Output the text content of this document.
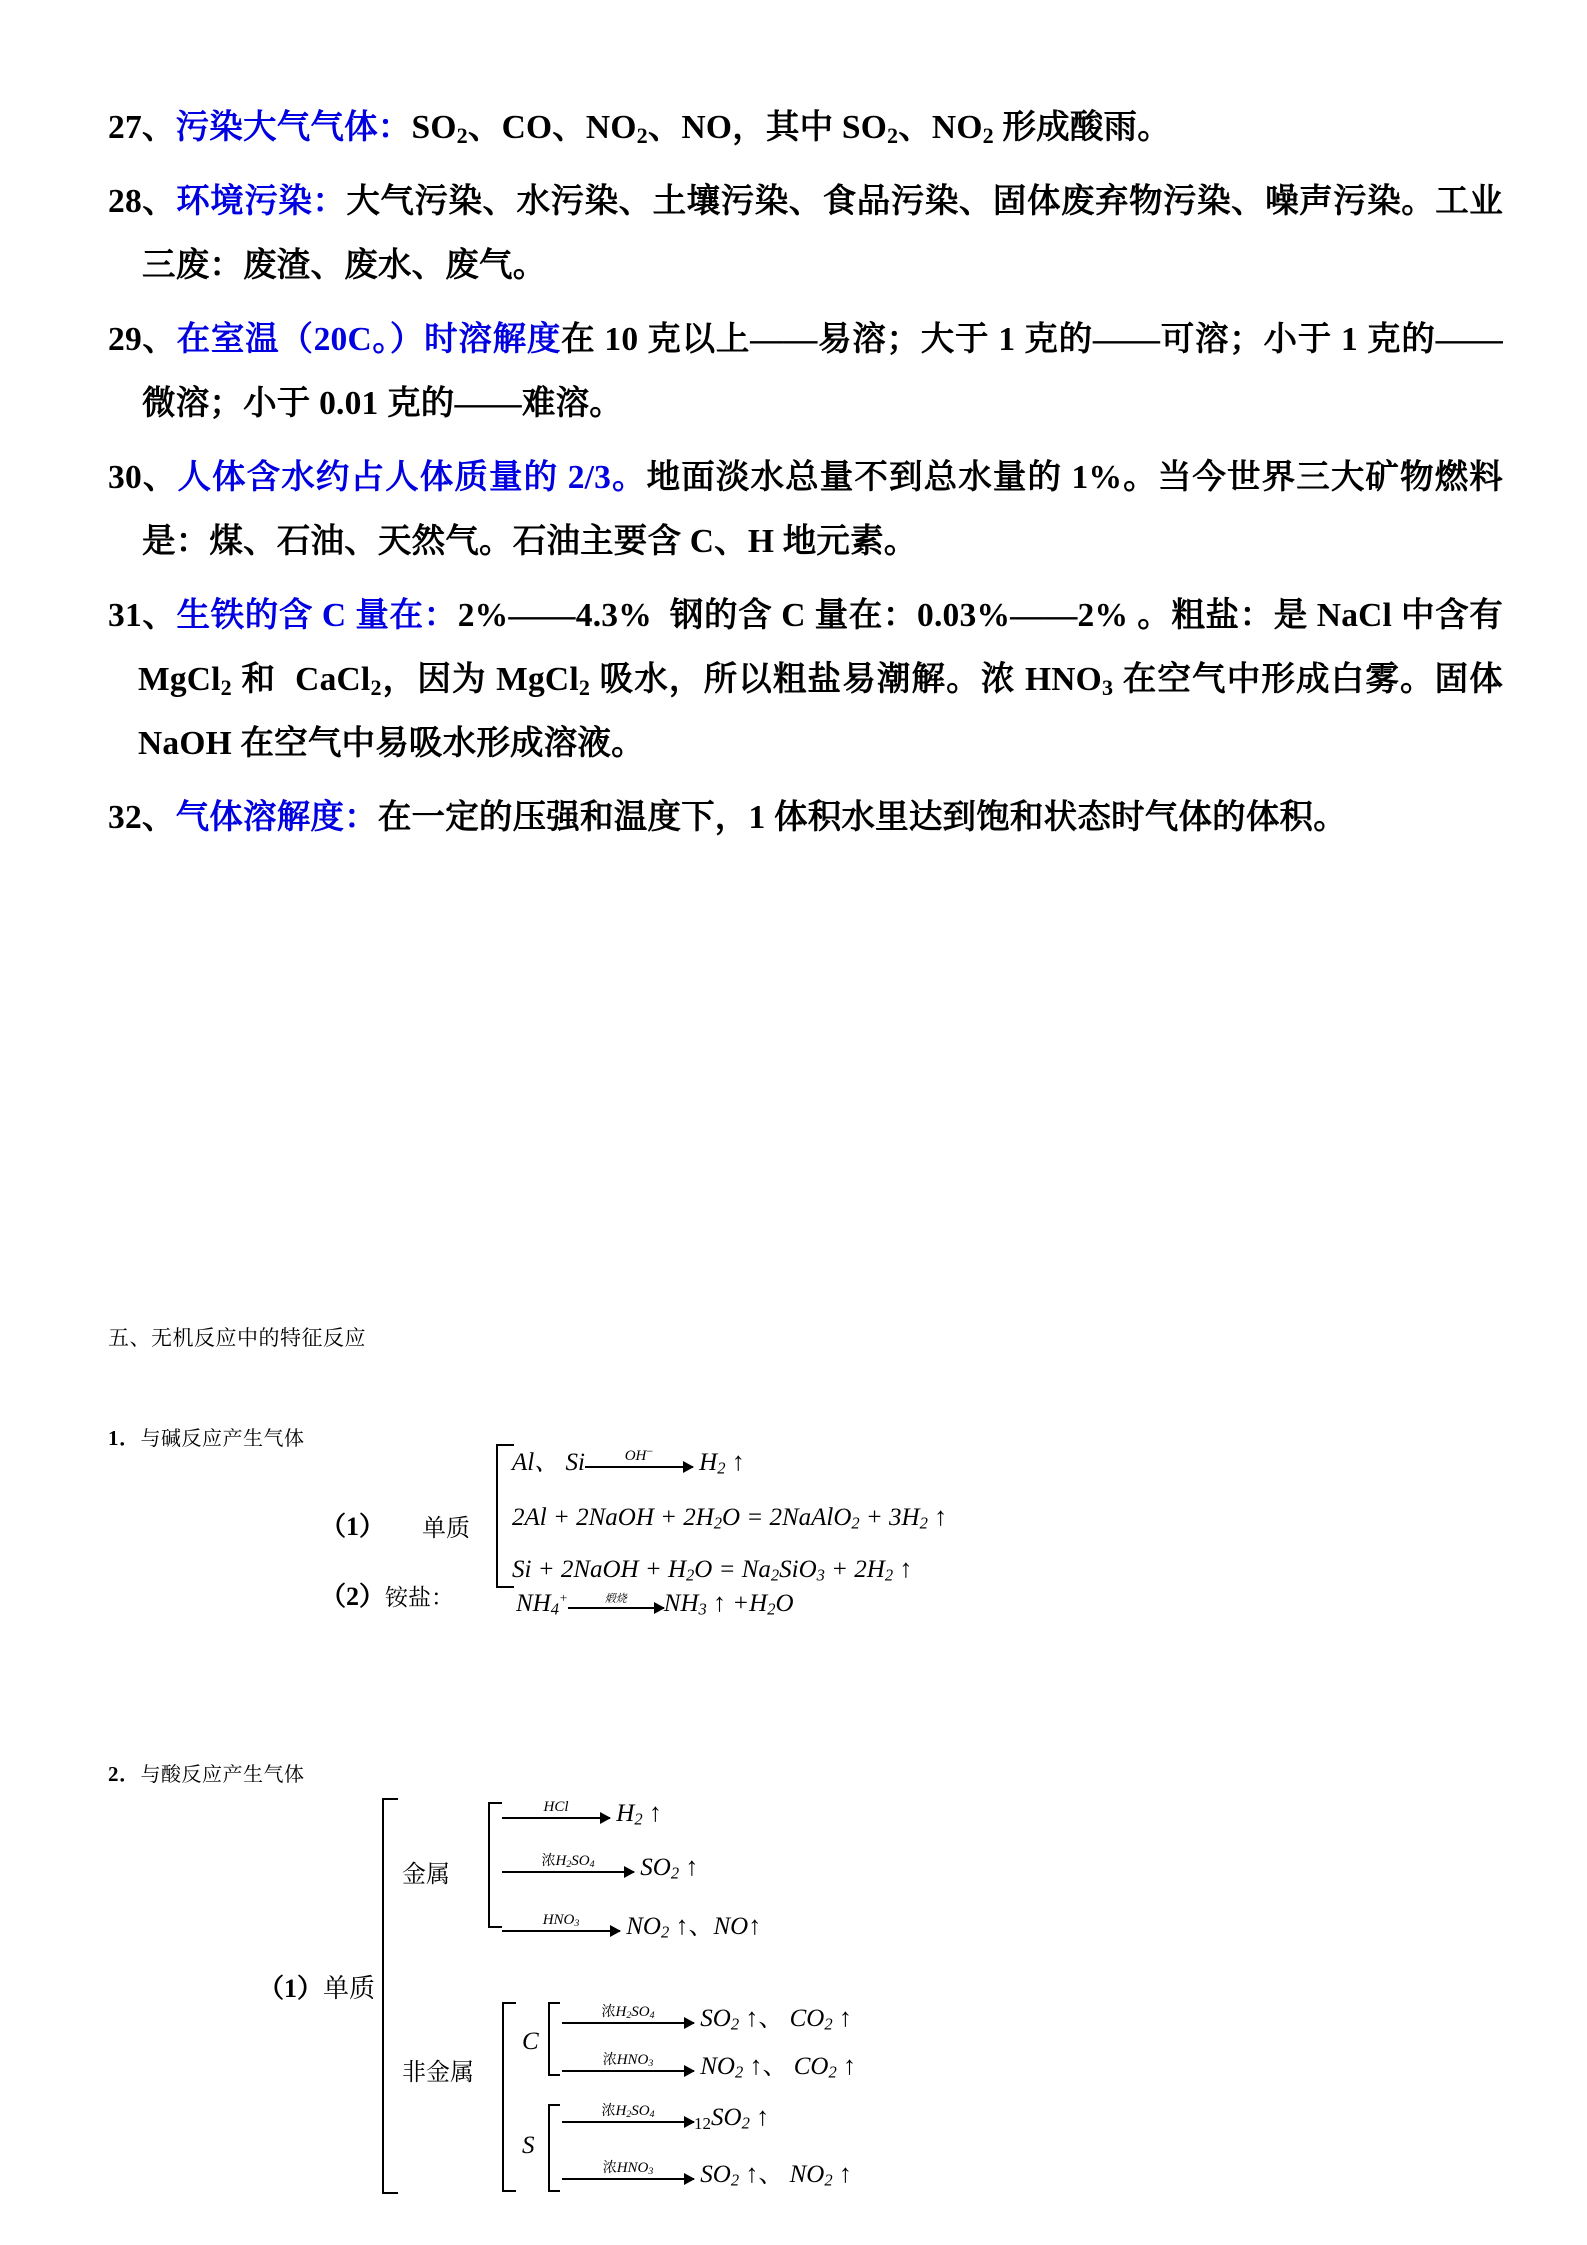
27、污染大气气体：$SO_2$、CO、$NO_2$、NO，其中 $SO_2$、$NO_2$ 形成酸雨。

28、环境污染：大气污染、水污染、土壤污染、食品污染、固体废弃物污染、噪声污染。工业三废：废渣、废水、废气。

29、在室温（20C。）时溶解度在 10 克以上——易溶；大于 1 克的——可溶；小于 1 克的——微溶；小于 0.01 克的——难溶。

30、人体含水约占人体质量的 2/3。地面淡水总量不到总水量的 1%。当今世界三大矿物燃料是：煤、石油、天然气。石油主要含 C、H 地元素。

31、生铁的含 C 量在：2%——4.3%  钢的含 C 量在：0.03%——2% 。粗盐：是 NaCl 中含有 MgCl$_2$ 和  CaCl$_2$，因为 MgCl$_2$ 吸水，所以粗盐易潮解。浓 $HNO_3$ 在空气中形成白雾。固体 NaOH 在空气中易吸水形成溶液。

32、气体溶解度：在一定的压强和温度下，1 体积水里达到饱和状态时气体的体积。

五、无机反应中的特征反应
1．与碱反应产生气体
（1） 单质
Al、 Si	OH−	$H_2$ ↑
2Al + 2NaOH + $2H_2O$ = 2NaAlO$_2$ + $3H_2$ ↑
Si + 2NaOH + $H_2O = Na_2SiO_3 + 2H_2$ ↑
（2）铵盐： $NH_4^+$	煅烧	$NH_3$ ↑ $+H_2O$
2．与酸反应产生气体
（1）单质
金属
HCl	$H_2$ ↑
浓$H_2SO_4$	$SO_2$ ↑
$HNO_3$	$NO_2$ ↑、NO↑
非金属
C
浓$H_2SO_4$	$SO_2$ ↑、 $CO_2$ ↑
浓$HNO_3$	$NO_2$ ↑、 $CO_2$ ↑
S
浓$H_2SO_4$	$12SO_2$ ↑
浓$HNO_3$	$SO_2$ ↑、 $NO_2$ ↑
